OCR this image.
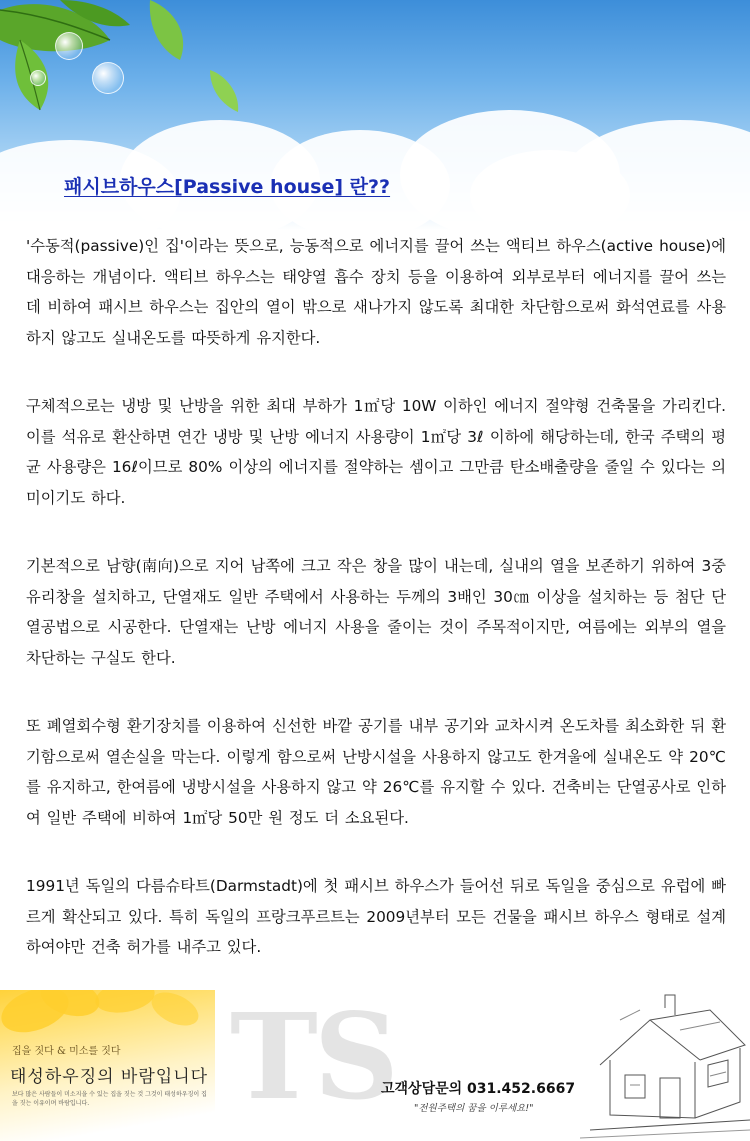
패시브하우스[Passive house] 란??

'수동적(passive)인 집'이라는 뜻으로, 능동적으로 에너지를 끌어 쓰는 액티브 하우스(active house)에 대응하는 개념이다. 액티브 하우스는 태양열 흡수 장치 등을 이용하여 외부로부터 에너지를 끌어 쓰는 데 비하여 패시브 하우스는 집안의 열이 밖으로 새나가지 않도록 최대한 차단함으로써 화석연료를 사용하지 않고도 실내온도를 따뜻하게 유지한다.

구체적으로는 냉방 및 난방을 위한 최대 부하가 1㎡당 10W 이하인 에너지 절약형 건축물을 가리킨다. 이를 석유로 환산하면 연간 냉방 및 난방 에너지 사용량이 1㎡당 3ℓ 이하에 해당하는데, 한국 주택의 평균 사용량은 16ℓ이므로 80% 이상의 에너지를 절약하는 셈이고 그만큼 탄소배출량을 줄일 수 있다는 의미이기도 하다.

기본적으로 남향(南向)으로 지어 남쪽에 크고 작은 창을 많이 내는데, 실내의 열을 보존하기 위하여 3중 유리창을 설치하고, 단열재도 일반 주택에서 사용하는 두께의 3배인 30㎝ 이상을 설치하는 등 첨단 단열공법으로 시공한다. 단열재는 난방 에너지 사용을 줄이는 것이 주목적이지만, 여름에는 외부의 열을 차단하는 구실도 한다.

또 폐열회수형 환기장치를 이용하여 신선한 바깥 공기를 내부 공기와 교차시켜 온도차를 최소화한 뒤 환기함으로써 열손실을 막는다. 이렇게 함으로써 난방시설을 사용하지 않고도 한겨울에 실내온도 약 20℃를 유지하고, 한여름에 냉방시설을 사용하지 않고 약 26℃를 유지할 수 있다. 건축비는 단열공사로 인하여 일반 주택에 비하여 1㎡당 50만 원 정도 더 소요된다.

1991년 독일의 다름슈타트(Darmstadt)에 첫 패시브 하우스가 들어선 뒤로 독일을 중심으로 유럽에 빠르게 확산되고 있다. 특히 독일의 프랑크푸르트는 2009년부터 모든 건물을 패시브 하우스 형태로 설계하여야만 건축 허가를 내주고 있다.

집을 짓다 & 미소를 짓다
태성하우징의 바람입니다
보다 많은 사람들이 미소지을 수 있는 집을 짓는 것 그것이 태성하우징이 집을 짓는 이유이며 바람입니다.	TS
고객상담문의 031.452.6667
"전원주택의 꿈을 이루세요!"
